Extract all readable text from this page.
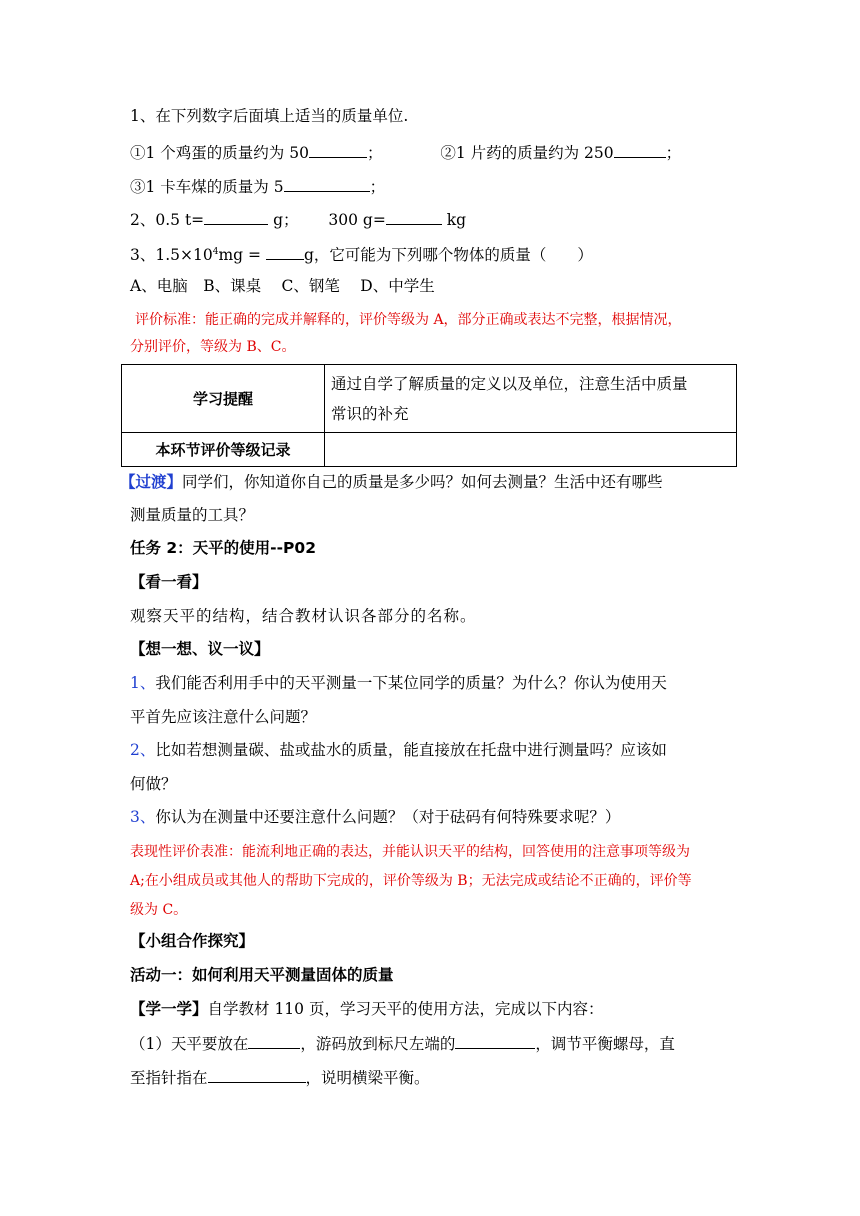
1、在下列数字后面填上适当的质量单位.
①1 个鸡蛋的质量约为 50	；	②1 片药的质量约为 250	；
③1 卡车煤的质量为 5	；
2、0.5 t=	g； 300 g=	kg
3、$1.5\times 10^4mg$ =	g，它可能为下列哪个物体的质量（　　）
A、电脑　B、课桌　 C、钢笔　 D、中学生
评价标准：能正确的完成并解释的，评价等级为 A，部分正确或表达不完整，根据情况，
分别评价，等级为 B、C。
学习提醒	通过自学了解质量的定义以及单位，注意生活中质量
常识的补充

本环节评价等级记录	
【过渡】同学们，你知道你自己的质量是多少吗？如何去测量？生活中还有哪些
测量质量的工具？
任务 2：天平的使用--P02
【看一看】
观察天平的结构，结合教材认识各部分的名称。
【想一想、议一议】
1、我们能否利用手中的天平测量一下某位同学的质量？为什么？你认为使用天
平首先应该注意什么问题？
2、比如若想测量碳、盐或盐水的质量，能直接放在托盘中进行测量吗？应该如
何做？
3、你认为在测量中还要注意什么问题？（对于砝码有何特殊要求呢？）
表现性评价表准：能流利地正确的表达，并能认识天平的结构，回答使用的注意事项等级为
A;在小组成员或其他人的帮助下完成的，评价等级为 B；无法完成或结论不正确的，评价等
级为 C。
【小组合作探究】
活动一：如何利用天平测量固体的质量
【学一学】自学教材 110 页，学习天平的使用方法，完成以下内容：
（1）天平要放在	，游码放到标尺左端的	，调节平衡螺母，直
至指针指在	，说明横梁平衡。
